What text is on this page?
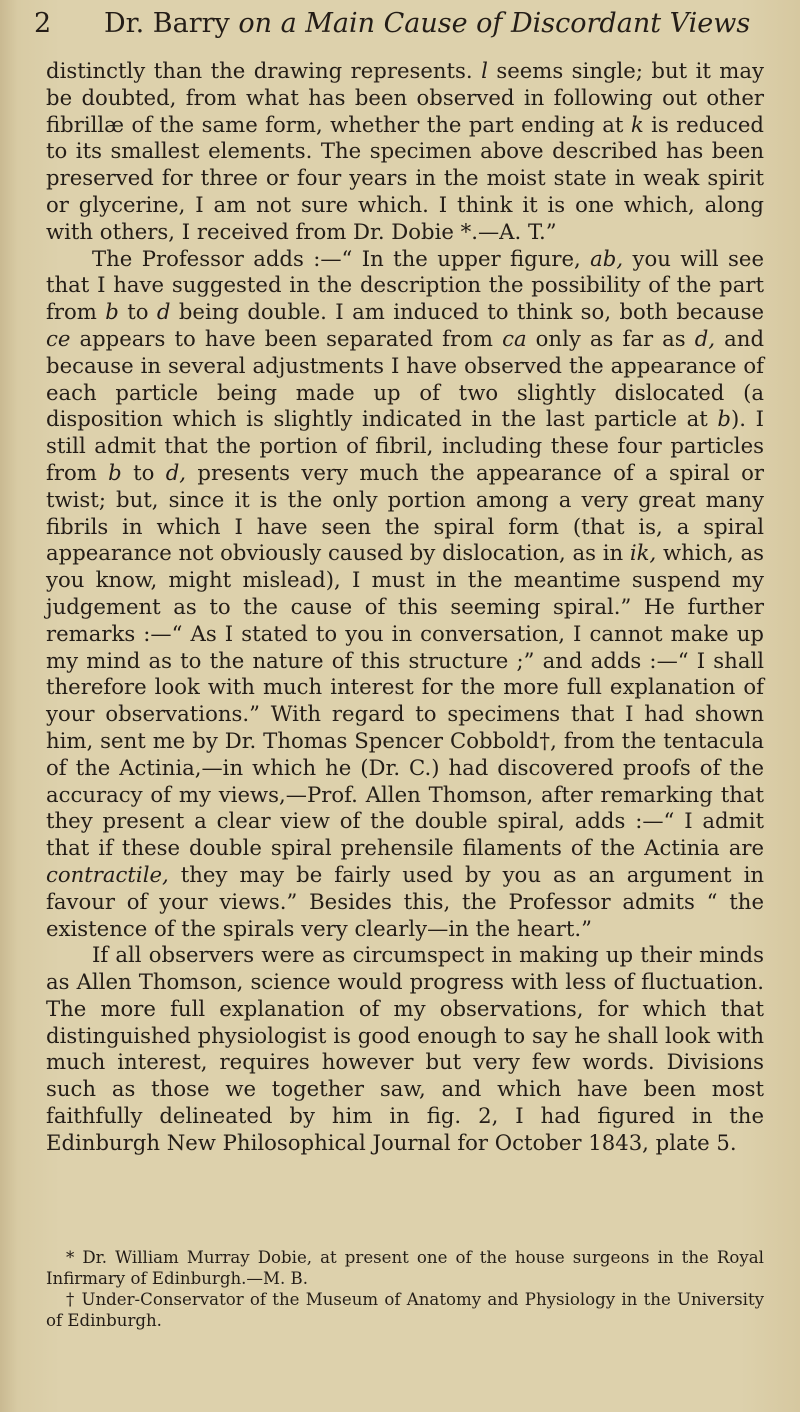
2 Dr. Barry on a Main Cause of Discordant Views

distinctly than the drawing represents. l seems single; but it may be doubted, from what has been observed in following out other fibrillæ of the same form, whether the part ending at k is reduced to its smallest elements. The specimen above described has been preserved for three or four years in the moist state in weak spirit or glycerine, I am not sure which. I think it is one which, along with others, I received from Dr. Dobie *.—A. T.”

The Professor adds :—“ In the upper figure, ab, you will see that I have suggested in the description the possibility of the part from b to d being double. I am induced to think so, both because ce appears to have been separated from ca only as far as d, and because in several adjustments I have observed the appearance of each particle being made up of two slightly dislocated (a disposition which is slightly indicated in the last particle at b). I still admit that the portion of fibril, including these four particles from b to d, presents very much the appearance of a spiral or twist; but, since it is the only portion among a very great many fibrils in which I have seen the spiral form (that is, a spiral appearance not obviously caused by dislocation, as in ik, which, as you know, might mislead), I must in the meantime suspend my judgement as to the cause of this seeming spiral.” He further remarks :—“ As I stated to you in conversation, I cannot make up my mind as to the nature of this structure ;” and adds :—“ I shall therefore look with much interest for the more full explanation of your observations.” With regard to specimens that I had shown him, sent me by Dr. Thomas Spencer Cobbold†, from the tentacula of the Actinia,—in which he (Dr. C.) had discovered proofs of the accuracy of my views,—Prof. Allen Thomson, after remarking that they present a clear view of the double spiral, adds :—“ I admit that if these double spiral prehensile filaments of the Actinia are contractile, they may be fairly used by you as an argument in favour of your views.” Besides this, the Professor admits “ the existence of the spirals very clearly—in the heart.”

If all observers were as circumspect in making up their minds as Allen Thomson, science would progress with less of fluctuation. The more full explanation of my observations, for which that distinguished physiologist is good enough to say he shall look with much interest, requires however but very few words. Divisions such as those we together saw, and which have been most faithfully delineated by him in fig. 2, I had figured in the Edinburgh New Philosophical Journal for October 1843, plate 5.

* Dr. William Murray Dobie, at present one of the house surgeons in the Royal Infirmary of Edinburgh.—M. B.

† Under-Conservator of the Museum of Anatomy and Physiology in the University of Edinburgh.
